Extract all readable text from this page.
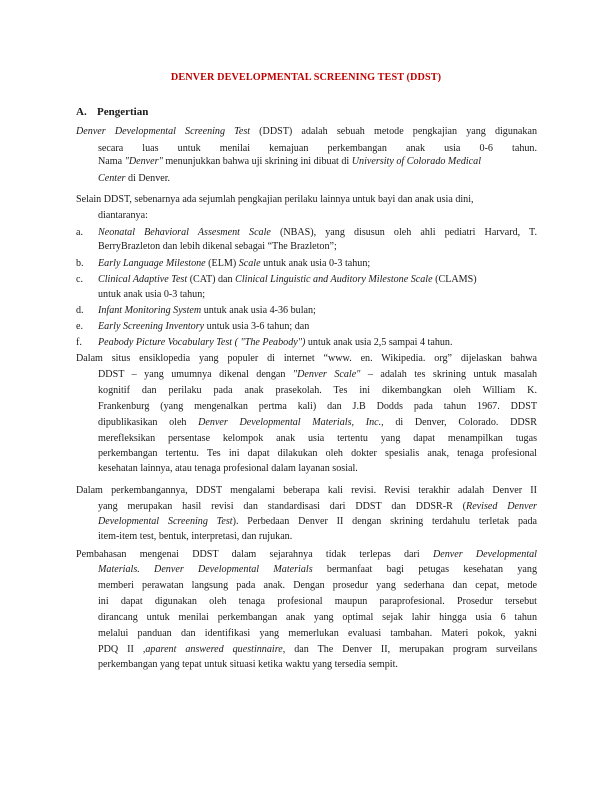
DENVER DEVELOPMENTAL SCREENING TEST (DDST)
A. Pengertian
Denver Developmental Screening Test (DDST) adalah sebuah metode pengkajian yang digunakan
secara luas untuk menilai kemajuan perkembangan anak usia 0-6 tahun.
Nama "Denver" menunjukkan bahwa uji skrining ini dibuat di University of Colorado Medical
Center di Denver.
Selain DDST, sebenarnya ada sejumlah pengkajian perilaku lainnya untuk bayi dan anak usia dini,
diantaranya:
a. Neonatal Behavioral Assesment Scale (NBAS), yang disusun oleh ahli pediatri Harvard, T.
BerryBrazleton dan lebih dikenal sebagai “The Brazleton”;
b. Early Language Milestone (ELM) Scale untuk anak usia 0-3 tahun;
c. Clinical Adaptive Test (CAT) dan Clinical Linguistic and Auditory Milestone Scale (CLAMS)
untuk anak usia 0-3 tahun;
d. Infant Monitoring System untuk anak usia 4-36 bulan;
e. Early Screening Inventory untuk usia 3-6 tahun; dan
f. Peabody Picture Vocabulary Test ( "The Peabody") untuk anak usia 2,5 sampai 4 tahun.
Dalam situs ensiklopedia yang populer di internet “www. en. Wikipedia. org” dijelaskan bahwa
DDST – yang umumnya dikenal dengan "Denver Scale" – adalah tes skrining untuk masalah
kognitif dan perilaku pada anak prasekolah. Tes ini dikembangkan oleh William K.
Frankenburg (yang mengenalkan pertma kali) dan J.B Dodds pada tahun 1967. DDST
dipublikasikan oleh Denver Developmental Materials, Inc., di Denver, Colorado. DDSR
merefleksikan persentase kelompok anak usia tertentu yang dapat menampilkan tugas
perkembangan tertentu. Tes ini dapat dilakukan oleh dokter spesialis anak, tenaga profesional
kesehatan lainnya, atau tenaga profesional dalam layanan sosial.
Dalam perkembangannya, DDST mengalami beberapa kali revisi. Revisi terakhir adalah Denver II
yang merupakan hasil revisi dan standardisasi dari DDST dan DDSR-R (Revised Denver
Developmental Screening Test). Perbedaan Denver II dengan skrining terdahulu terletak pada
item-item test, bentuk, interpretasi, dan rujukan.
Pembahasan mengenai DDST dalam sejarahnya tidak terlepas dari Denver Developmental
Materials. Denver Developmental Materials bermanfaat bagi petugas kesehatan yang
memberi perawatan langsung pada anak. Dengan prosedur yang sederhana dan cepat, metode
ini dapat digunakan oleh tenaga profesional maupun paraprofesional. Prosedur tersebut
dirancang untuk menilai perkembangan anak yang optimal sejak lahir hingga usia 6 tahun
melalui panduan dan identifikasi yang memerlukan evaluasi tambahan. Materi pokok, yakni
PDQ II ,aparent answered questinnaire, dan The Denver II, merupakan program surveilans
perkembangan yang tepat untuk situasi ketika waktu yang tersedia sempit.
